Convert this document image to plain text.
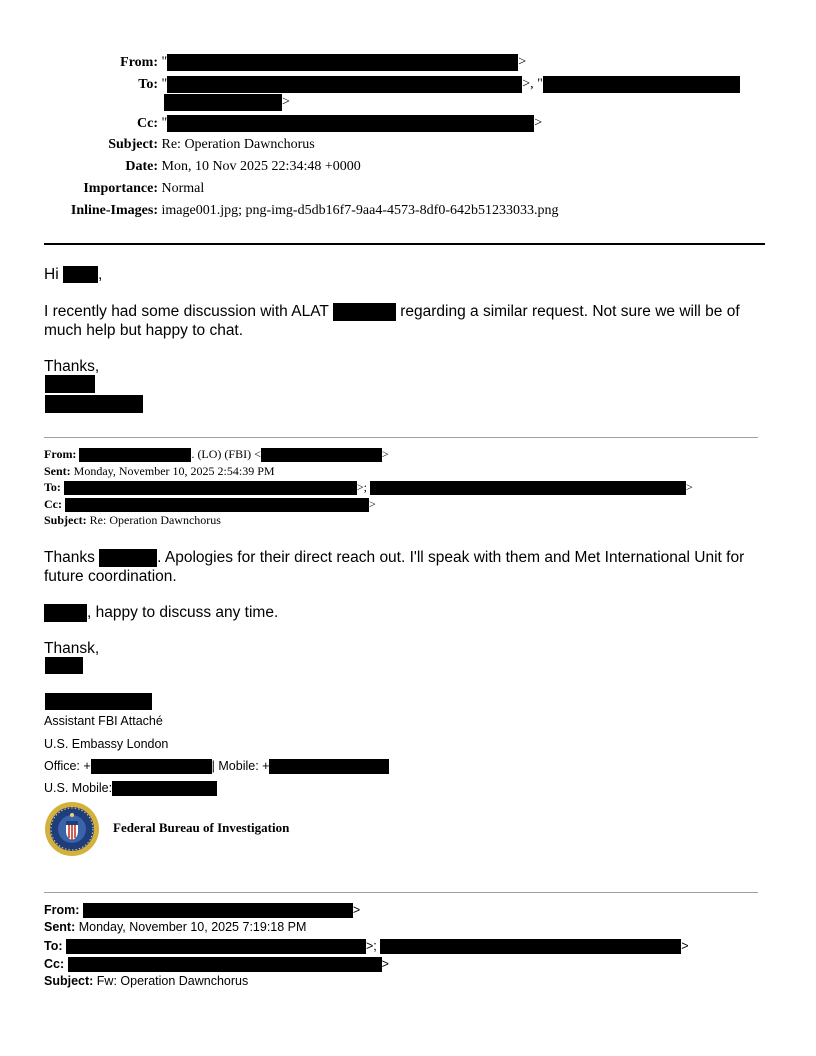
From: "	>
To: "	>, "
>
Cc: "	>
Subject: Re: Operation Dawnchorus
Date: Mon, 10 Nov 2025 22:34:48 +0000
Importance: Normal
Inline-Images: image001.jpg; png-img-d5db16f7-9aa4-4573-8df0-642b51233033.png
Hi	,
I recently had some discussion with ALAT	regarding a similar request. Not sure we will be of
much help but happy to chat.
Thanks,
From:	. (LO) (FBI) <	>
Sent: Monday, November 10, 2025 2:54:39 PM
To:	>;	>
Cc:	>
Subject: Re: Operation Dawnchorus
Thanks	. Apologies for their direct reach out. I'll speak with them and Met International Unit for
future coordination.
, happy to discuss any time.
Thansk,
Assistant FBI Attaché
U.S. Embassy London
Office: +	| Mobile: +
U.S. Mobile:
Federal Bureau of Investigation
From:	>
Sent: Monday, November 10, 2025 7:19:18 PM
To:	>;	>
Cc:	>
Subject: Fw: Operation Dawnchorus
